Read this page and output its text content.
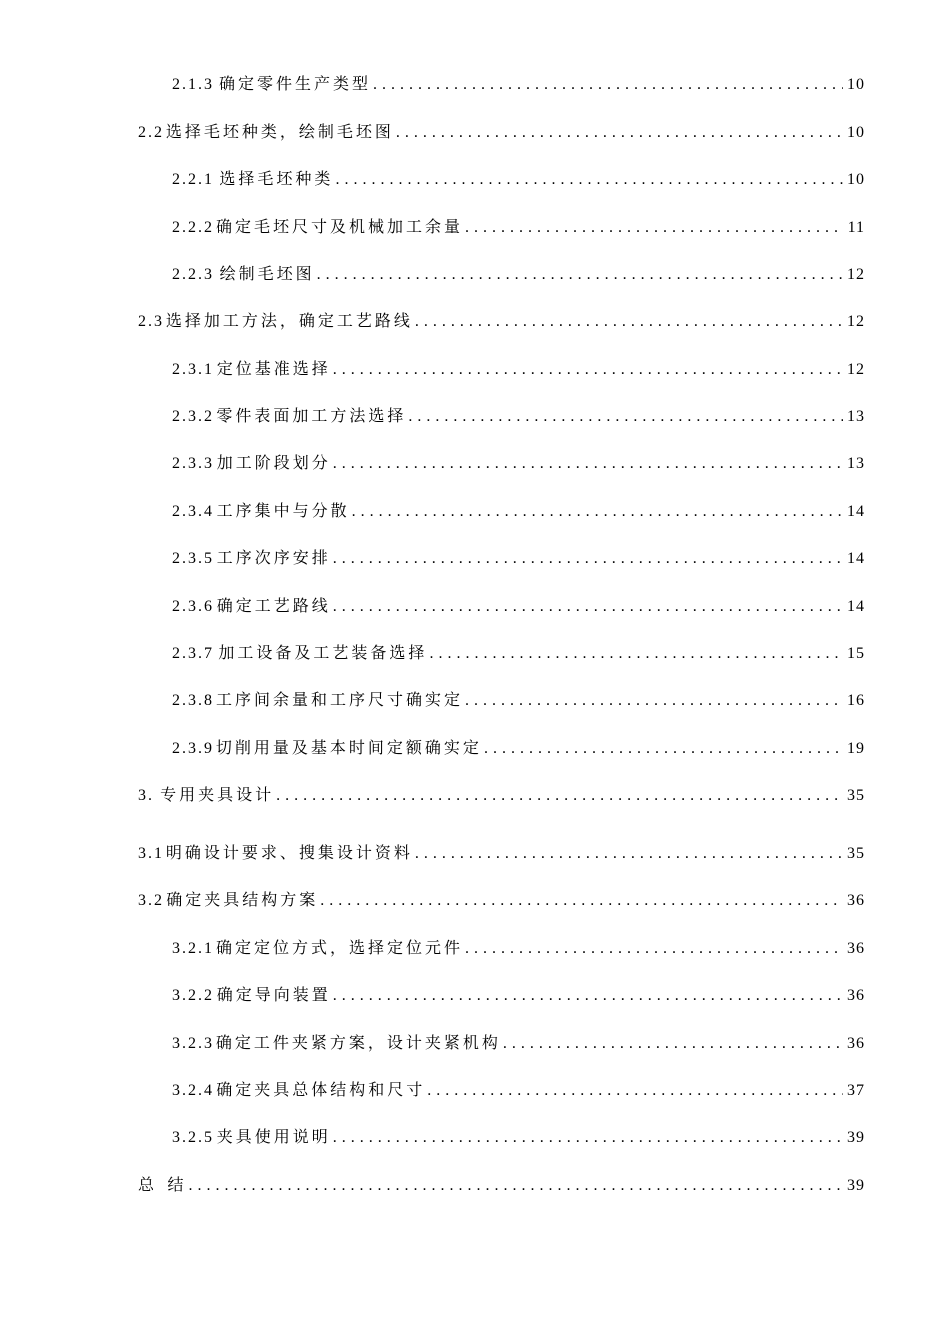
2.1.3 确定零件生产类型 .....	10
2.2 选择毛坯种类，绘制毛坯图 .....	10
2.2.1 选择毛坯种类 .....	10
2.2.2 确定毛坯尺寸及机械加工余量 .....	11
2.2.3 绘制毛坯图 .....	12
2.3 选择加工方法，确定工艺路线 .....	12
2.3.1 定位基准选择 .....	12
2.3.2 零件表面加工方法选择 .....	13
2.3.3 加工阶段划分 .....	13
2.3.4 工序集中与分散 .....	14
2.3.5 工序次序安排 .....	14
2.3.6 确定工艺路线 .....	14
2.3.7 加工设备及工艺装备选择 .....	15
2.3.8 工序间余量和工序尺寸确实定 .....	16
2.3.9 切削用量及基本时间定额确实定 .....	19
3. 专用夹具设计 .....	35
3.1 明确设计要求、搜集设计资料 .....	35
3.2 确定夹具结构方案 .....	36
3.2.1 确定定位方式，选择定位元件 .....	36
3.2.2 确定导向装置 .....	36
3.2.3 确定工件夹紧方案，设计夹紧机构 .....	36
3.2.4 确定夹具总体结构和尺寸 .....	37
3.2.5 夹具使用说明 .....	39
总 结 .....	39
